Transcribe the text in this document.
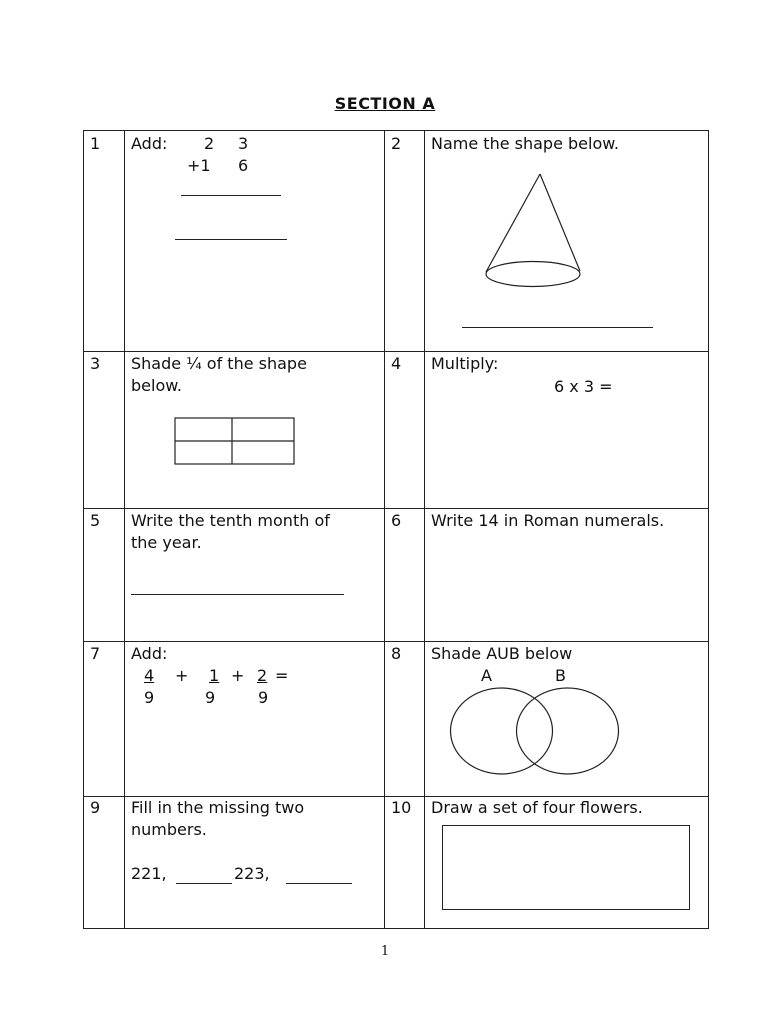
SECTION A
1 Add: 2 3
+1 6
2 Name the shape below.
3 Shade ¼ of the shape
below.
4 Multiply:
6 x 3 =
5 Write the tenth month of
the year.
6 Write 14 in Roman numerals.
7 Add:
4 + 1 + 2 =
9	9	9
8 Shade AUB below
A	B
9 Fill in the missing two
numbers.
221,	223,
10 Draw a set of four flowers.
1
